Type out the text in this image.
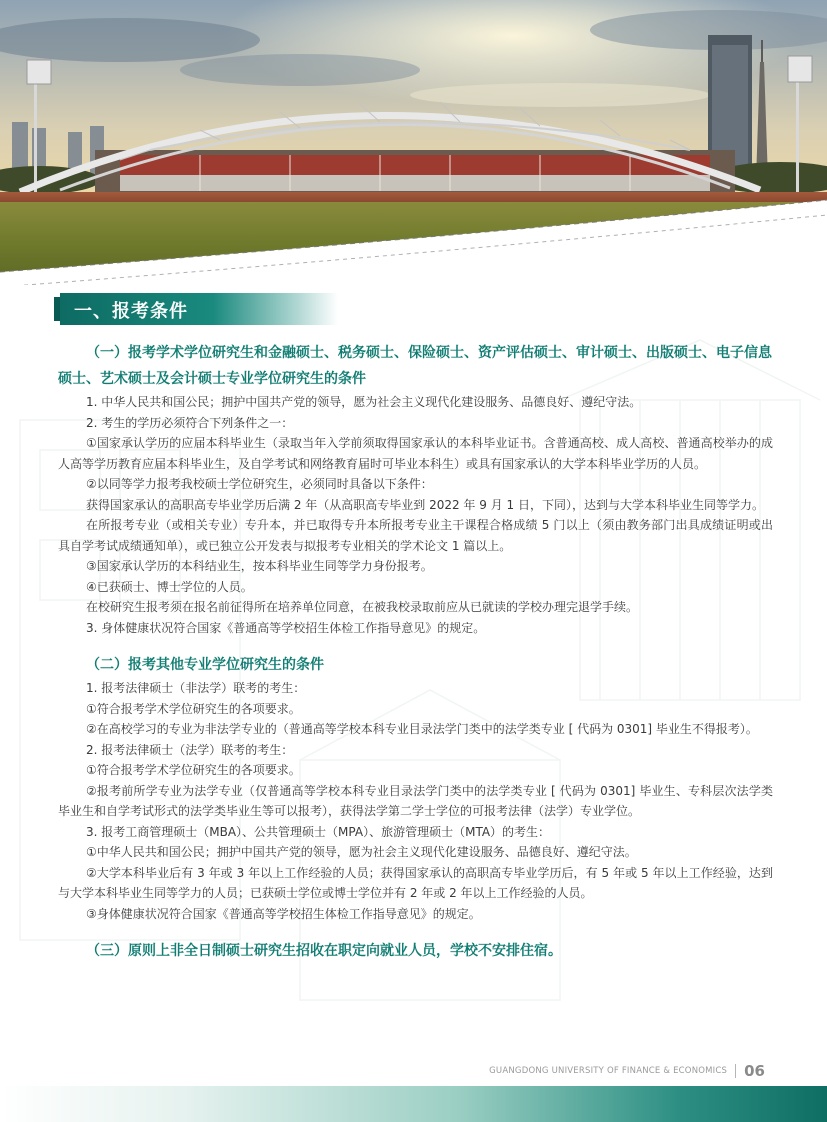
一、报考条件
（一）报考学术学位研究生和金融硕士、税务硕士、保险硕士、资产评估硕士、审计硕士、出版硕士、电子信息硕士、艺术硕士及会计硕士专业学位研究生的条件

1. 中华人民共和国公民；拥护中国共产党的领导，愿为社会主义现代化建设服务、品德良好、遵纪守法。

2. 考生的学历必须符合下列条件之一：

①国家承认学历的应届本科毕业生（录取当年入学前须取得国家承认的本科毕业证书。含普通高校、成人高校、普通高校举办的成人高等学历教育应届本科毕业生，及自学考试和网络教育届时可毕业本科生）或具有国家承认的大学本科毕业学历的人员。

②以同等学力报考我校硕士学位研究生，必须同时具备以下条件：

获得国家承认的高职高专毕业学历后满 2 年（从高职高专毕业到 2022 年 9 月 1 日，下同），达到与大学本科毕业生同等学力。

在所报考专业（或相关专业）专升本，并已取得专升本所报考专业主干课程合格成绩 5 门以上（须由教务部门出具成绩证明或出具自学考试成绩通知单），或已独立公开发表与拟报考专业相关的学术论文 1 篇以上。

③国家承认学历的本科结业生，按本科毕业生同等学力身份报考。

④已获硕士、博士学位的人员。

在校研究生报考须在报名前征得所在培养单位同意，在被我校录取前应从已就读的学校办理完退学手续。

3. 身体健康状况符合国家《普通高等学校招生体检工作指导意见》的规定。

（二）报考其他专业学位研究生的条件

1. 报考法律硕士（非法学）联考的考生：

①符合报考学术学位研究生的各项要求。

②在高校学习的专业为非法学专业的（普通高等学校本科专业目录法学门类中的法学类专业 [ 代码为 0301] 毕业生不得报考）。

2. 报考法律硕士（法学）联考的考生：

①符合报考学术学位研究生的各项要求。

②报考前所学专业为法学专业（仅普通高等学校本科专业目录法学门类中的法学类专业 [ 代码为 0301] 毕业生、专科层次法学类毕业生和自学考试形式的法学类毕业生等可以报考），获得法学第二学士学位的可报考法律（法学）专业学位。

3. 报考工商管理硕士（MBA）、公共管理硕士（MPA）、旅游管理硕士（MTA）的考生：

①中华人民共和国公民；拥护中国共产党的领导，愿为社会主义现代化建设服务、品德良好、遵纪守法。

②大学本科毕业后有 3 年或 3 年以上工作经验的人员；获得国家承认的高职高专毕业学历后，有 5 年或 5 年以上工作经验，达到与大学本科毕业生同等学力的人员；已获硕士学位或博士学位并有 2 年或 2 年以上工作经验的人员。

③身体健康状况符合国家《普通高等学校招生体检工作指导意见》的规定。

（三）原则上非全日制硕士研究生招收在职定向就业人员，学校不安排住宿。
GUANGDONG UNIVERSITY OF FINANCE & ECONOMICS 06
